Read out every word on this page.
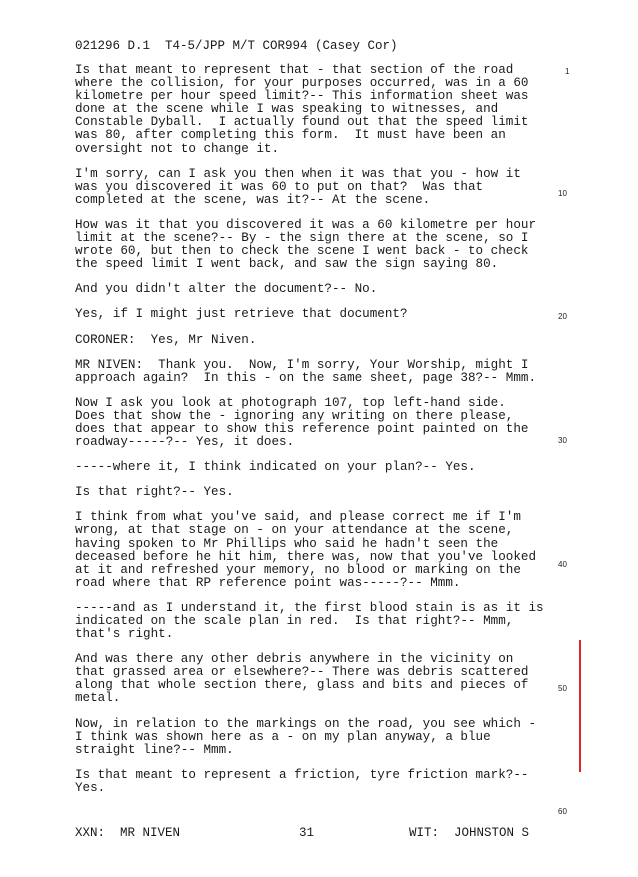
021296 D.1  T4-5/JPP M/T COR994 (Casey Cor)

Is that meant to represent that - that section of the road
where the collision, for your purposes occurred, was in a 60
kilometre per hour speed limit?-- This information sheet was
done at the scene while I was speaking to witnesses, and
Constable Dyball.  I actually found out that the speed limit
was 80, after completing this form.  It must have been an
oversight not to change it.

I'm sorry, can I ask you then when it was that you - how it
was you discovered it was 60 to put on that?  Was that
completed at the scene, was it?-- At the scene.

How was it that you discovered it was a 60 kilometre per hour
limit at the scene?-- By - the sign there at the scene, so I
wrote 60, but then to check the scene I went back - to check
the speed limit I went back, and saw the sign saying 80.

And you didn't alter the document?-- No.

Yes, if I might just retrieve that document?

CORONER:  Yes, Mr Niven.

MR NIVEN:  Thank you.  Now, I'm sorry, Your Worship, might I
approach again?  In this - on the same sheet, page 38?-- Mmm.

Now I ask you look at photograph 107, top left-hand side.
Does that show the - ignoring any writing on there please,
does that appear to show this reference point painted on the
roadway-----?-- Yes, it does.

-----where it, I think indicated on your plan?-- Yes.

Is that right?-- Yes.

I think from what you've said, and please correct me if I'm
wrong, at that stage on - on your attendance at the scene,
having spoken to Mr Phillips who said he hadn't seen the
deceased before he hit him, there was, now that you've looked
at it and refreshed your memory, no blood or marking on the
road where that RP reference point was-----?-- Mmm.

-----and as I understand it, the first blood stain is as it is
indicated on the scale plan in red.  Is that right?-- Mmm,
that's right.

And was there any other debris anywhere in the vicinity on
that grassed area or elsewhere?-- There was debris scattered
along that whole section there, glass and bits and pieces of
metal.

Now, in relation to the markings on the road, you see which -
I think was shown here as a - on my plan anyway, a blue
straight line?-- Mmm.

Is that meant to represent a friction, tyre friction mark?--
Yes.

1
10
20
30
40
50
60
XXN:  MR NIVEN	31	WIT:  JOHNSTON S
